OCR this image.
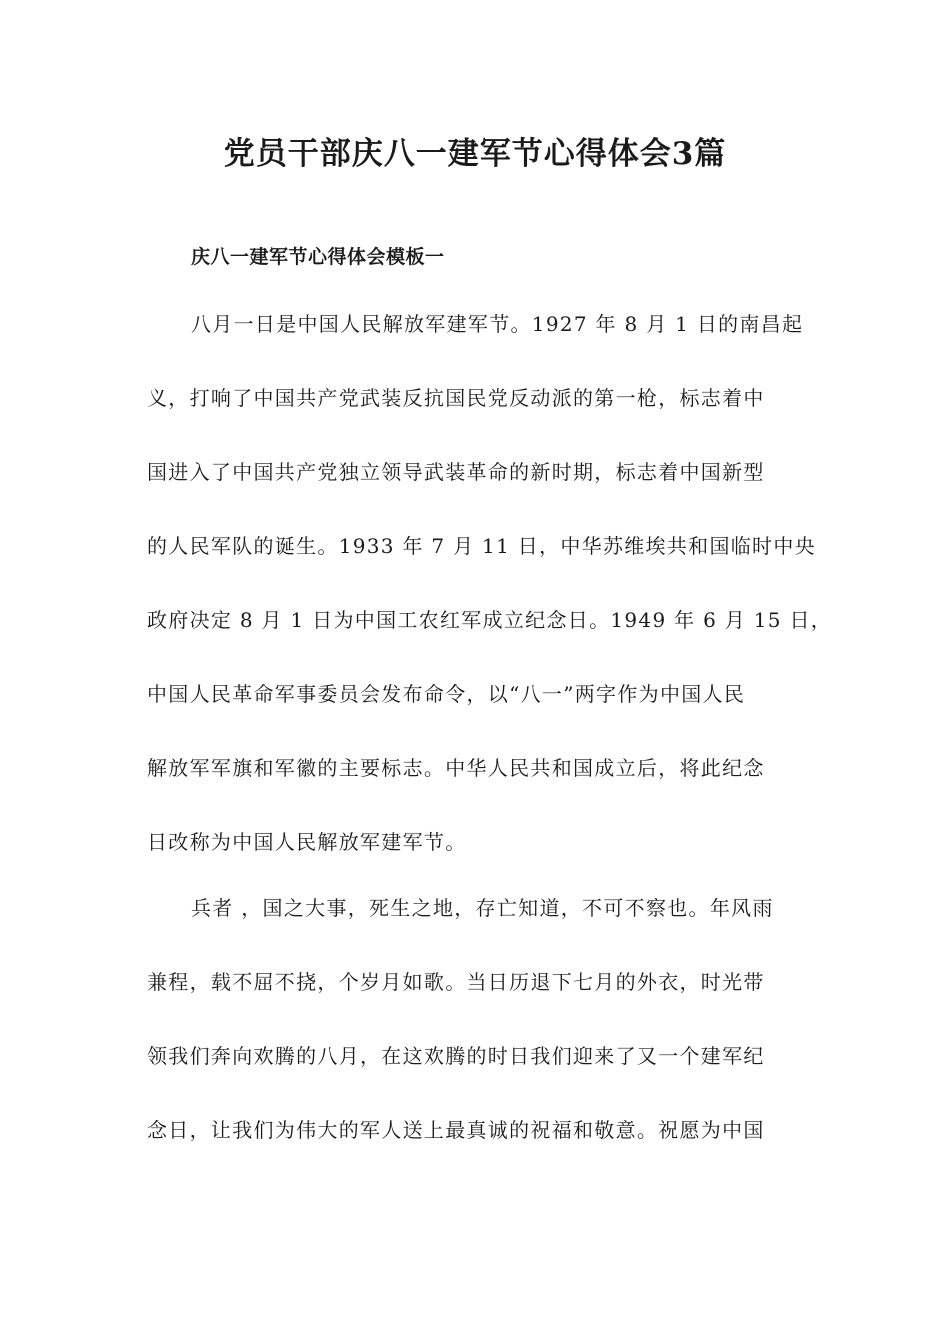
党员干部庆八一建军节心得体会3篇
庆八一建军节心得体会模板一

八月一日是中国人民解放军建军节。1927 年 8 月 1 日的南昌起

义，打响了中国共产党武装反抗国民党反动派的第一枪，标志着中

国进入了中国共产党独立领导武装革命的新时期，标志着中国新型

的人民军队的诞生。1933 年 7 月 11 日，中华苏维埃共和国临时中央

政府决定 8 月 1 日为中国工农红军成立纪念日。1949 年 6 月 15 日，

中国人民革命军事委员会发布命令，以“八一”两字作为中国人民

解放军军旗和军徽的主要标志。中华人民共和国成立后，将此纪念

日改称为中国人民解放军建军节。

兵者 ，国之大事，死生之地，存亡知道，不可不察也。年风雨

兼程，载不屈不挠，个岁月如歌。当日历退下七月的外衣，时光带

领我们奔向欢腾的八月，在这欢腾的时日我们迎来了又一个建军纪

念日，让我们为伟大的军人送上最真诚的祝福和敬意。祝愿为中国
